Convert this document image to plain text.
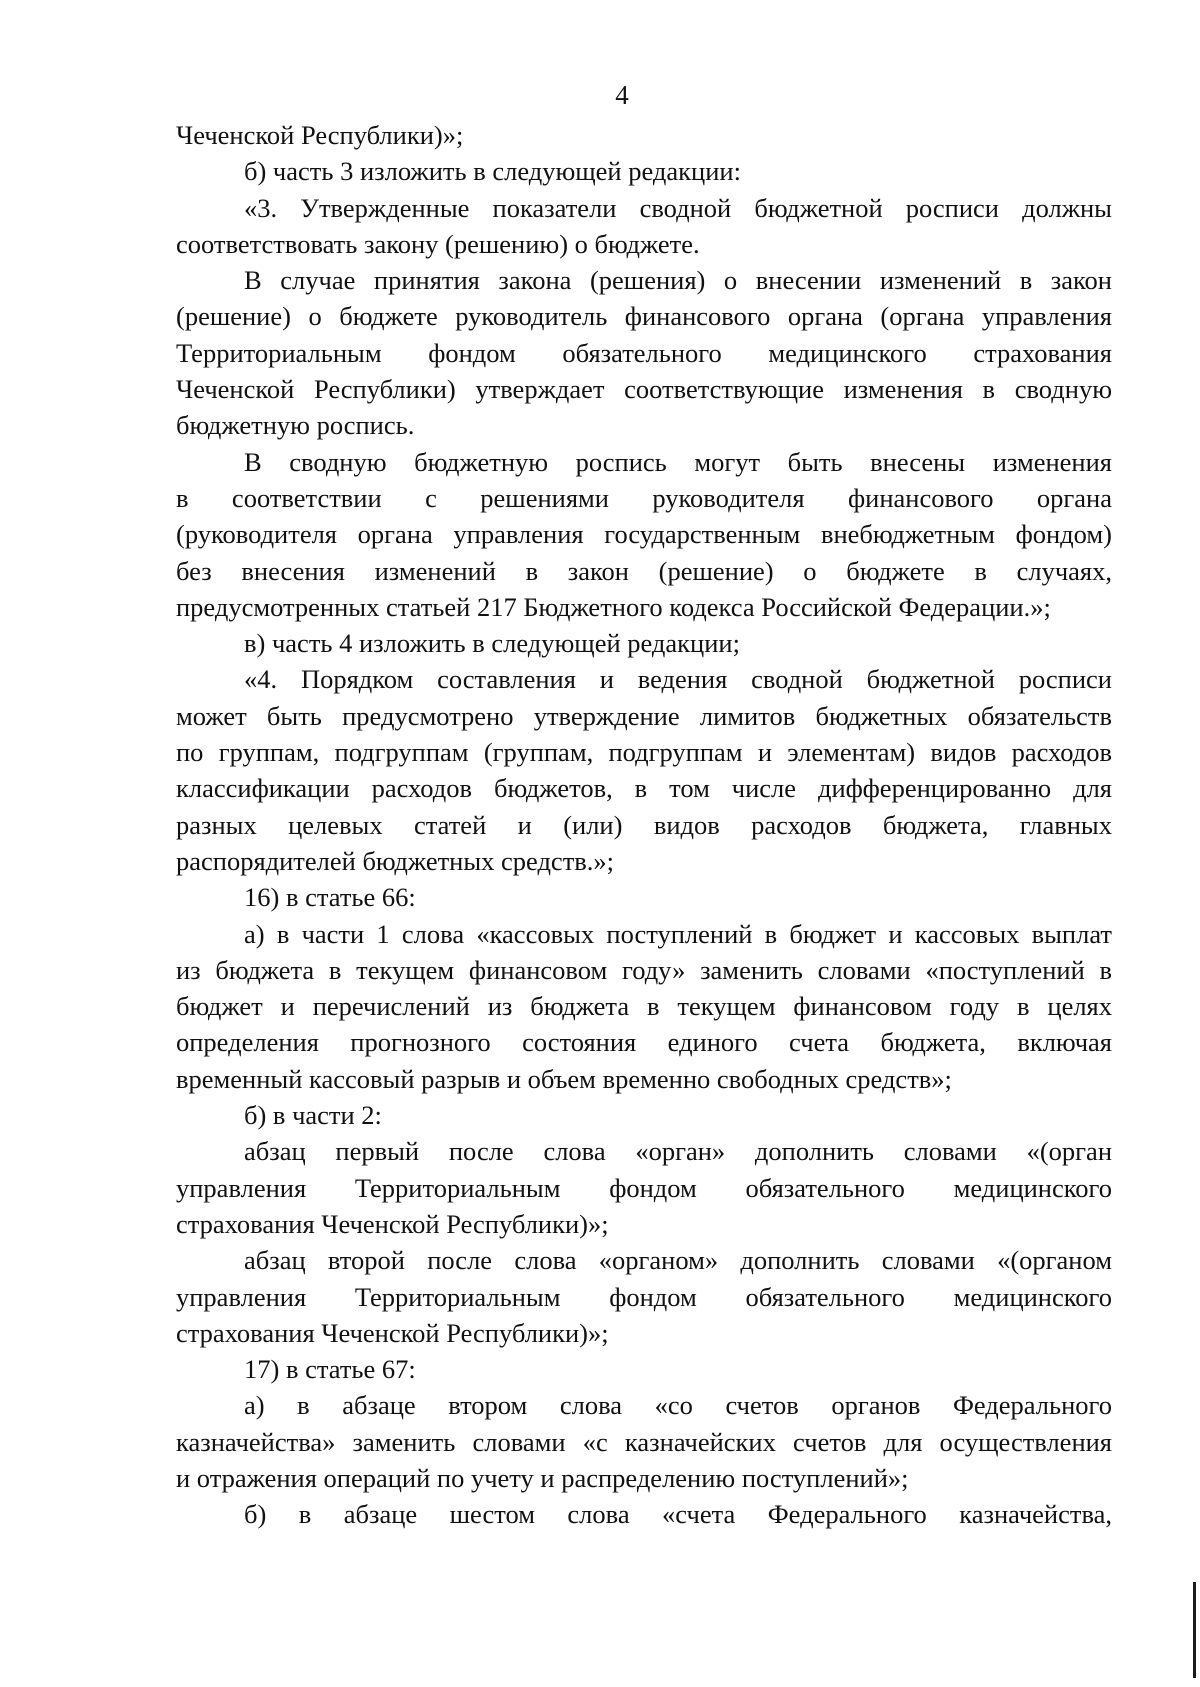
4
Чеченской Республики)»;
б) часть 3 изложить в следующей редакции:
«3. Утвержденные показатели сводной бюджетной росписи должны
соответствовать закону (решению) о бюджете.
В случае принятия закона (решения) о внесении изменений в закон
(решение) о бюджете руководитель финансового органа (органа управления
Территориальным фондом обязательного медицинского страхования
Чеченской Республики) утверждает соответствующие изменения в сводную
бюджетную роспись.
В сводную бюджетную роспись могут быть внесены изменения
в соответствии с решениями руководителя финансового органа
(руководителя органа управления государственным внебюджетным фондом)
без внесения изменений в закон (решение) о бюджете в случаях,
предусмотренных статьей 217 Бюджетного кодекса Российской Федерации.»;
в) часть 4 изложить в следующей редакции;
«4. Порядком составления и ведения сводной бюджетной росписи
может быть предусмотрено утверждение лимитов бюджетных обязательств
по группам, подгруппам (группам, подгруппам и элементам) видов расходов
классификации расходов бюджетов, в том числе дифференцированно для
разных целевых статей и (или) видов расходов бюджета, главных
распорядителей бюджетных средств.»;
16) в статье 66:
а) в части 1 слова «кассовых поступлений в бюджет и кассовых выплат
из бюджета в текущем финансовом году» заменить словами «поступлений в
бюджет и перечислений из бюджета в текущем финансовом году в целях
определения прогнозного состояния единого счета бюджета, включая
временный кассовый разрыв и объем временно свободных средств»;
б) в части 2:
абзац первый после слова «орган» дополнить словами «(орган
управления Территориальным фондом обязательного медицинского
страхования Чеченской Республики)»;
абзац второй после слова «органом» дополнить словами «(органом
управления Территориальным фондом обязательного медицинского
страхования Чеченской Республики)»;
17) в статье 67:
а) в абзаце втором слова «со счетов органов Федерального
казначейства» заменить словами «с казначейских счетов для осуществления
и отражения операций по учету и распределению поступлений»;
б) в абзаце шестом слова «счета Федерального казначейства,
